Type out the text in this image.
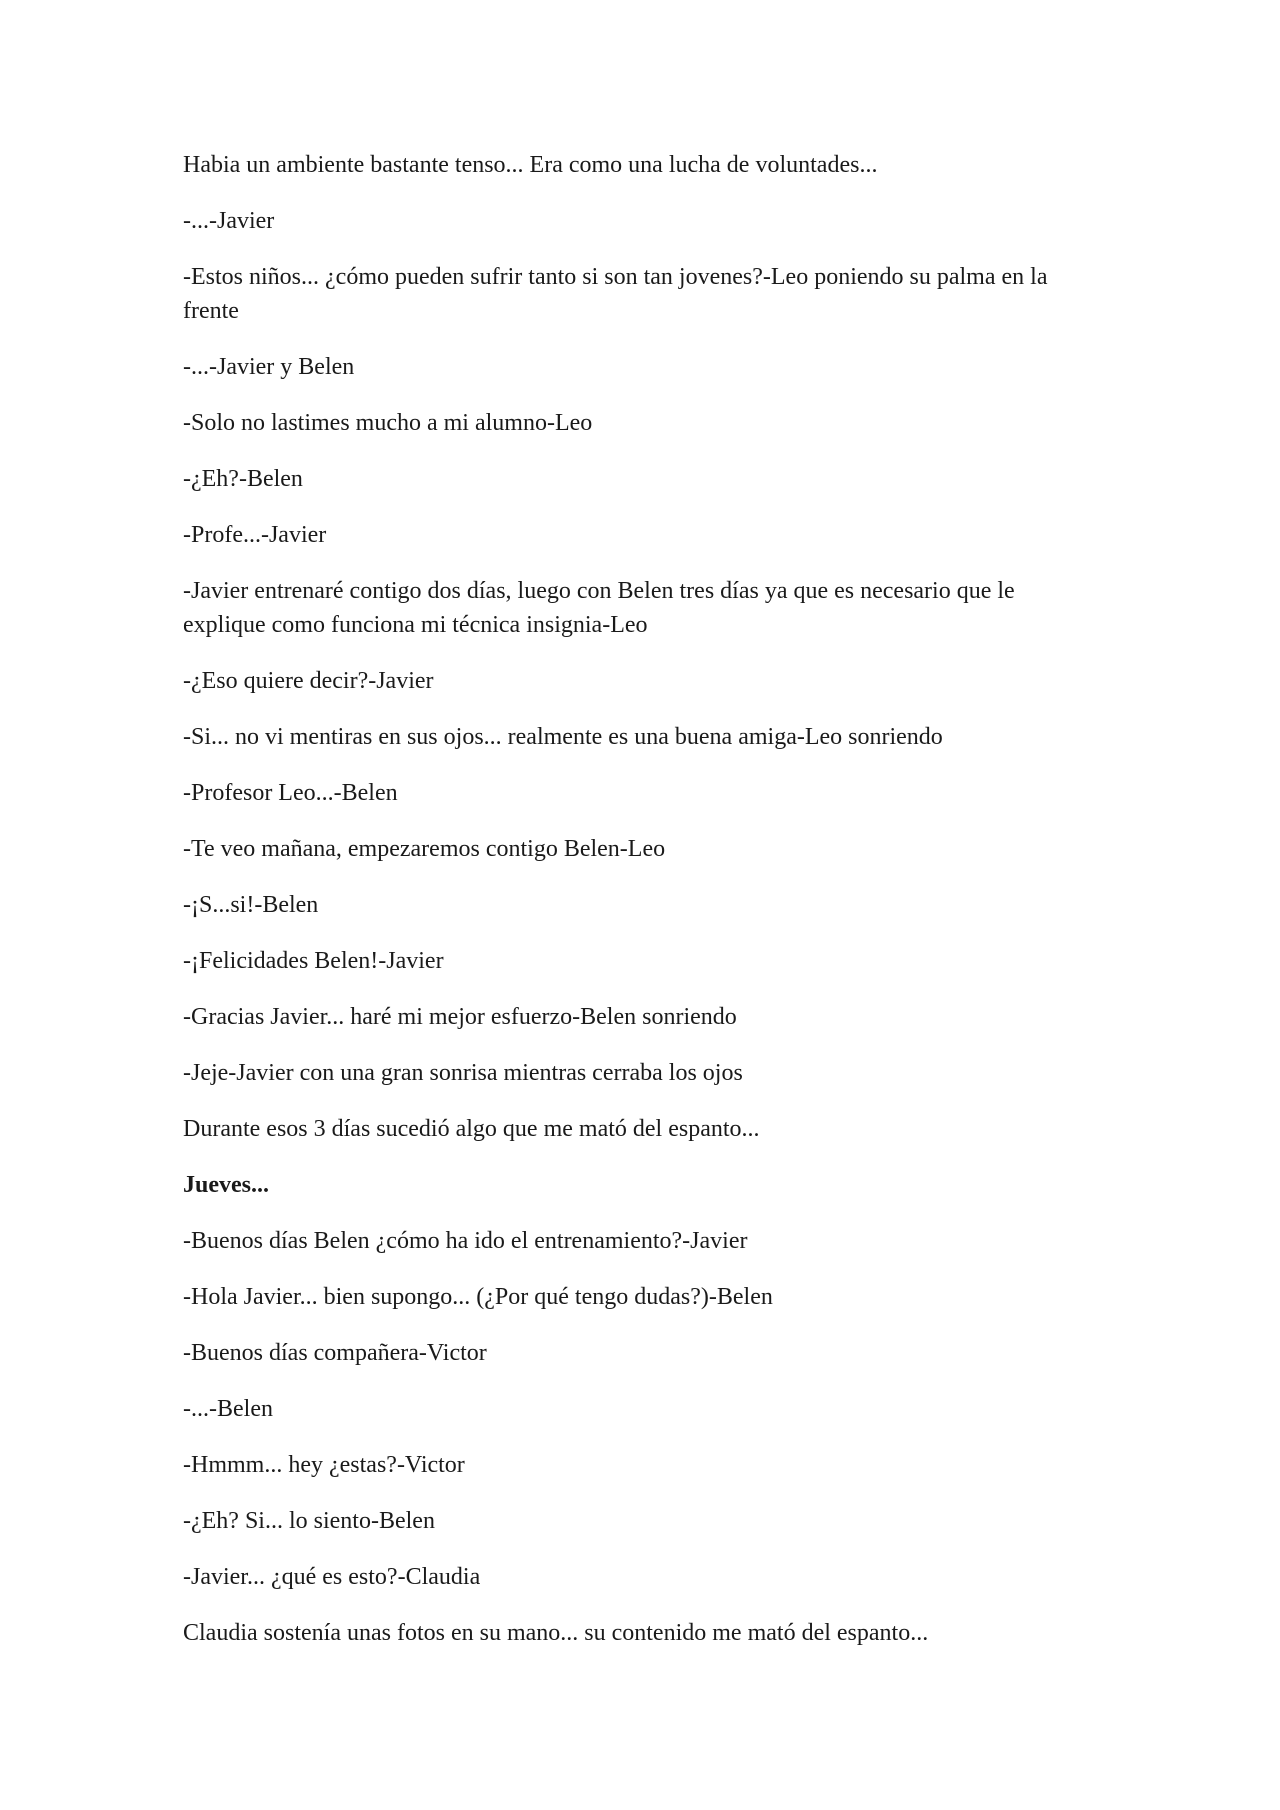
Habia un ambiente bastante tenso... Era como una lucha de voluntades...

-...-Javier

-Estos niños... ¿cómo pueden sufrir tanto si son tan jovenes?-Leo poniendo su palma en la frente

-...-Javier y Belen

-Solo no lastimes mucho a mi alumno-Leo

-¿Eh?-Belen

-Profe...-Javier

-Javier entrenaré contigo dos días, luego con Belen tres días ya que es necesario que le explique como funciona mi técnica insignia-Leo

-¿Eso quiere decir?-Javier

-Si... no vi mentiras en sus ojos... realmente es una buena amiga-Leo sonriendo

-Profesor Leo...-Belen

-Te veo mañana, empezaremos contigo Belen-Leo

-¡S...si!-Belen

-¡Felicidades Belen!-Javier

-Gracias Javier... haré mi mejor esfuerzo-Belen sonriendo

-Jeje-Javier con una gran sonrisa mientras cerraba los ojos

Durante esos 3 días sucedió algo que me mató del espanto...

Jueves...

-Buenos días Belen ¿cómo ha ido el entrenamiento?-Javier

-Hola Javier... bien supongo... (¿Por qué tengo dudas?)-Belen

-Buenos días compañera-Victor

-...-Belen

-Hmmm... hey ¿estas?-Victor

-¿Eh? Si... lo siento-Belen

-Javier... ¿qué es esto?-Claudia

Claudia sostenía unas fotos en su mano... su contenido me mató del espanto...
